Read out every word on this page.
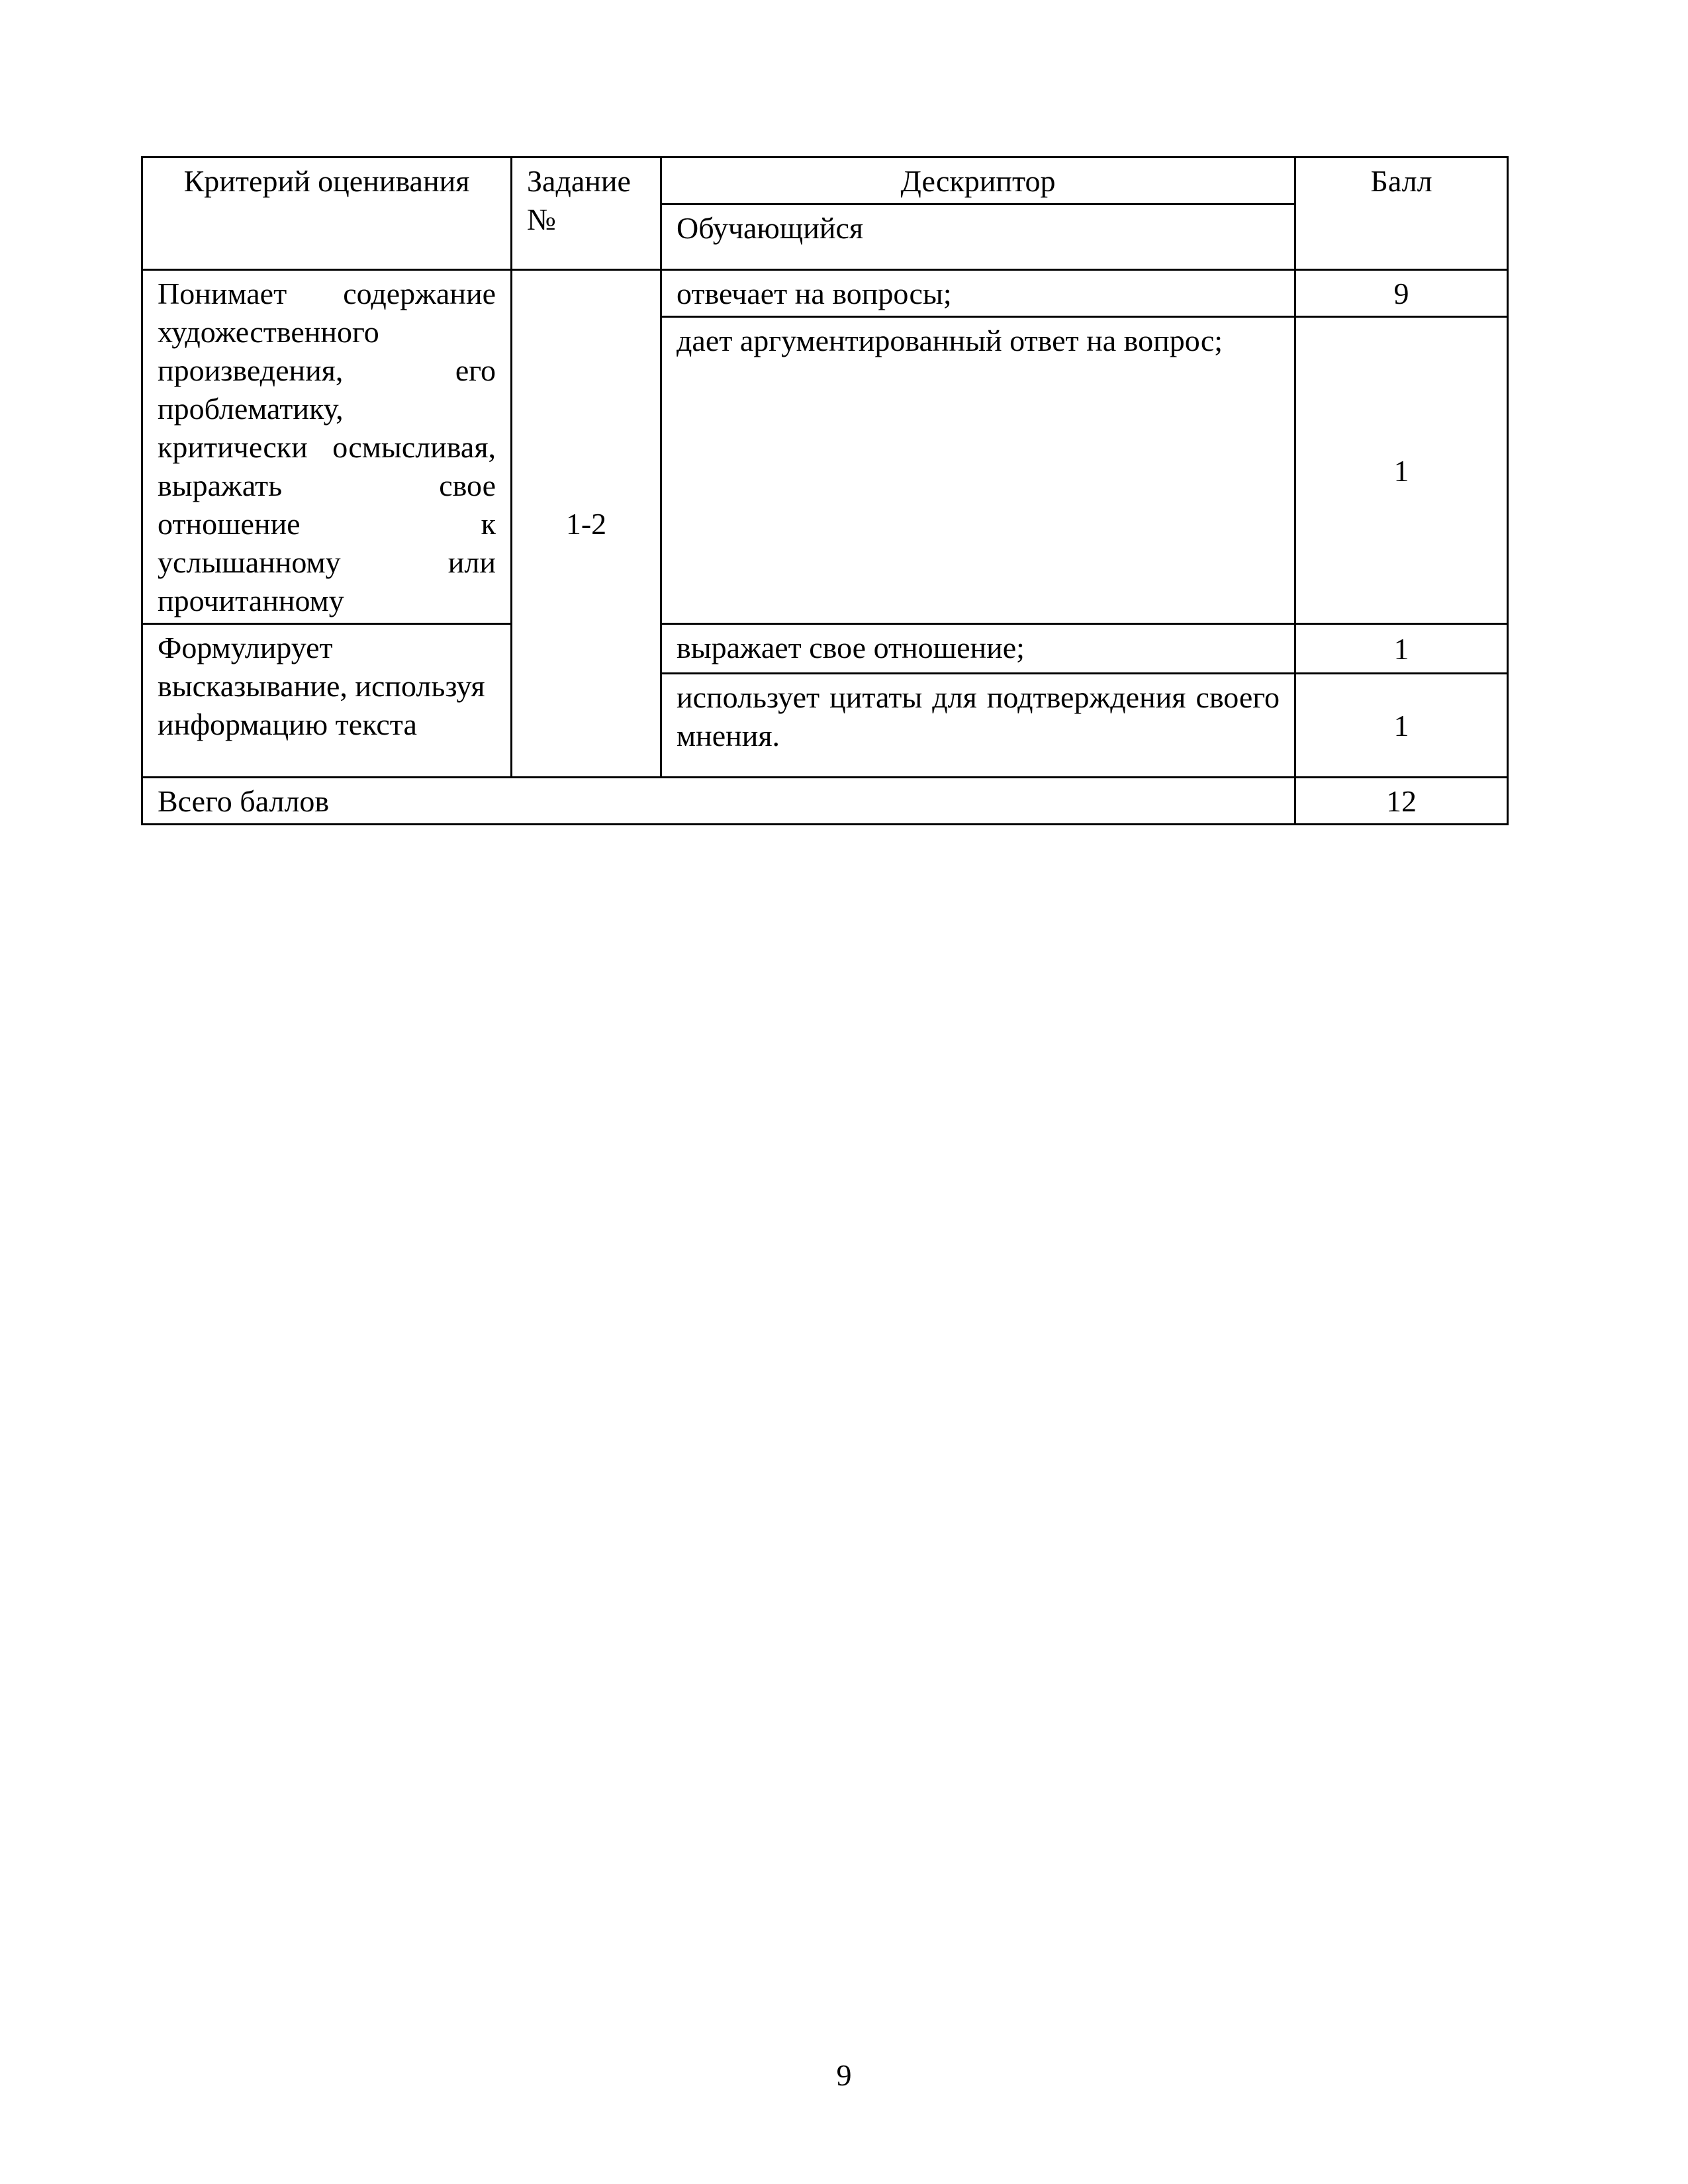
Критерий оценивания	Задание №	Дескриптор	Балл
		Обучающийся	
Понимает содержание художественного произведения, его проблематику, критически осмысливая, выражать свое отношение к услышанному или прочитанному	1-2	отвечает на вопросы;	9
		дает аргументированный ответ на вопрос;	1

Формулирует высказывание, используя информацию текста		выражает свое отношение;	1
		использует цитаты для подтверждения своего мнения.	1
Всего баллов			12
9
